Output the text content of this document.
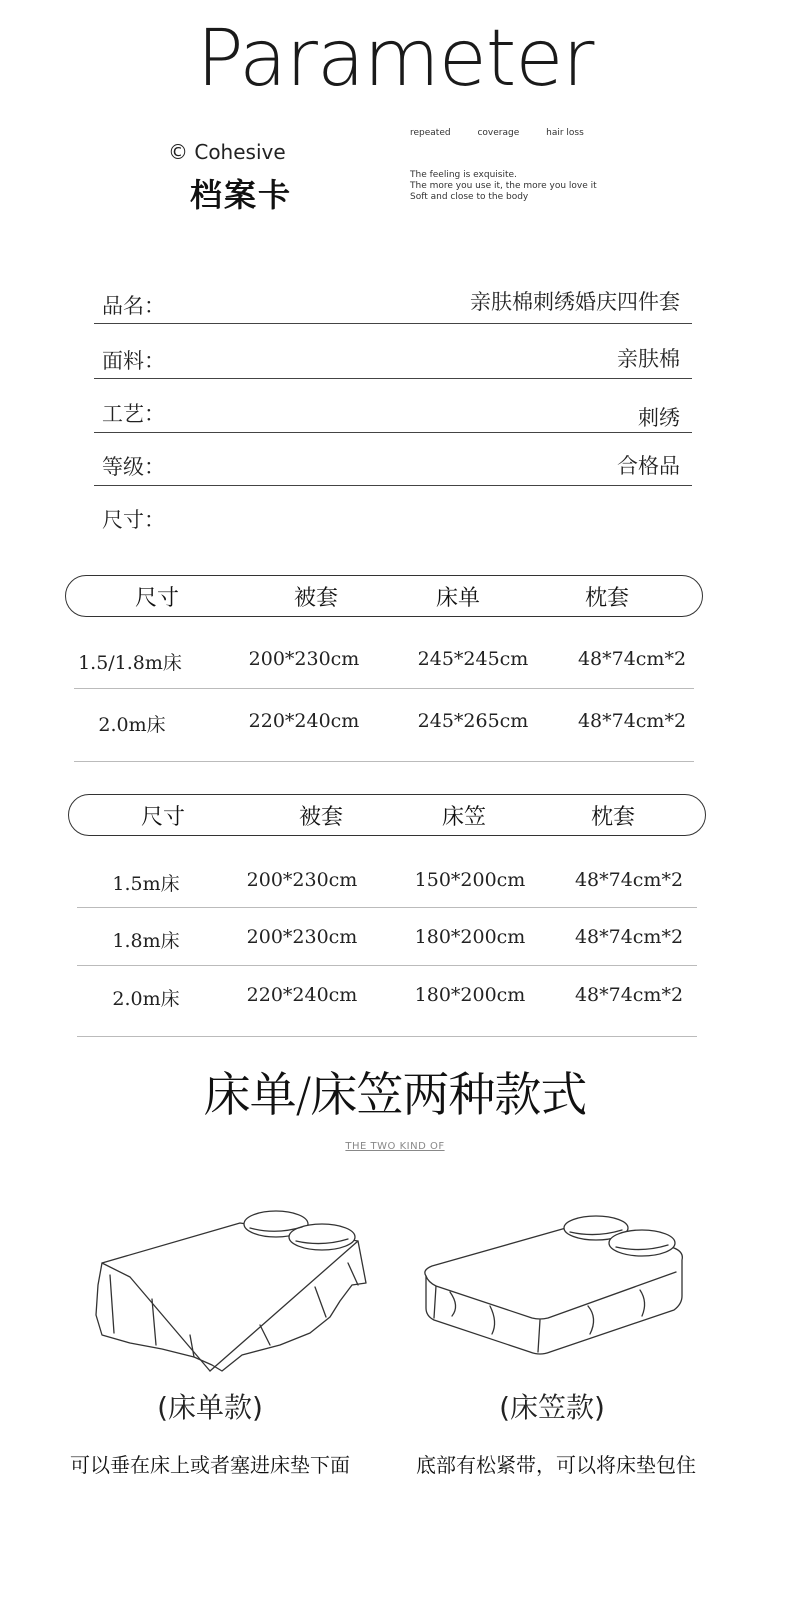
Parameter
© Cohesive
档案卡
repeated	coverage	hair loss
The feeling is exquisite.
The more you use it, the more you love it
Soft and close to the body
品名：	亲肤棉刺绣婚庆四件套
面料：	亲肤棉
工艺：	刺绣
等级：	合格品
尺寸：
尺寸	被套	床单	枕套
1.5/1.8m床	200*230cm	245*245cm	48*74cm*2
2.0m床	220*240cm	245*265cm	48*74cm*2
尺寸	被套	床笠	枕套
1.5m床	200*230cm	150*200cm	48*74cm*2
1.8m床	200*230cm	180*200cm	48*74cm*2
2.0m床	220*240cm	180*200cm	48*74cm*2
床单/床笠两种款式
THE TWO KIND OF
(床单款)	(床笠款)
可以垂在床上或者塞进床垫下面	底部有松紧带，可以将床垫包住
